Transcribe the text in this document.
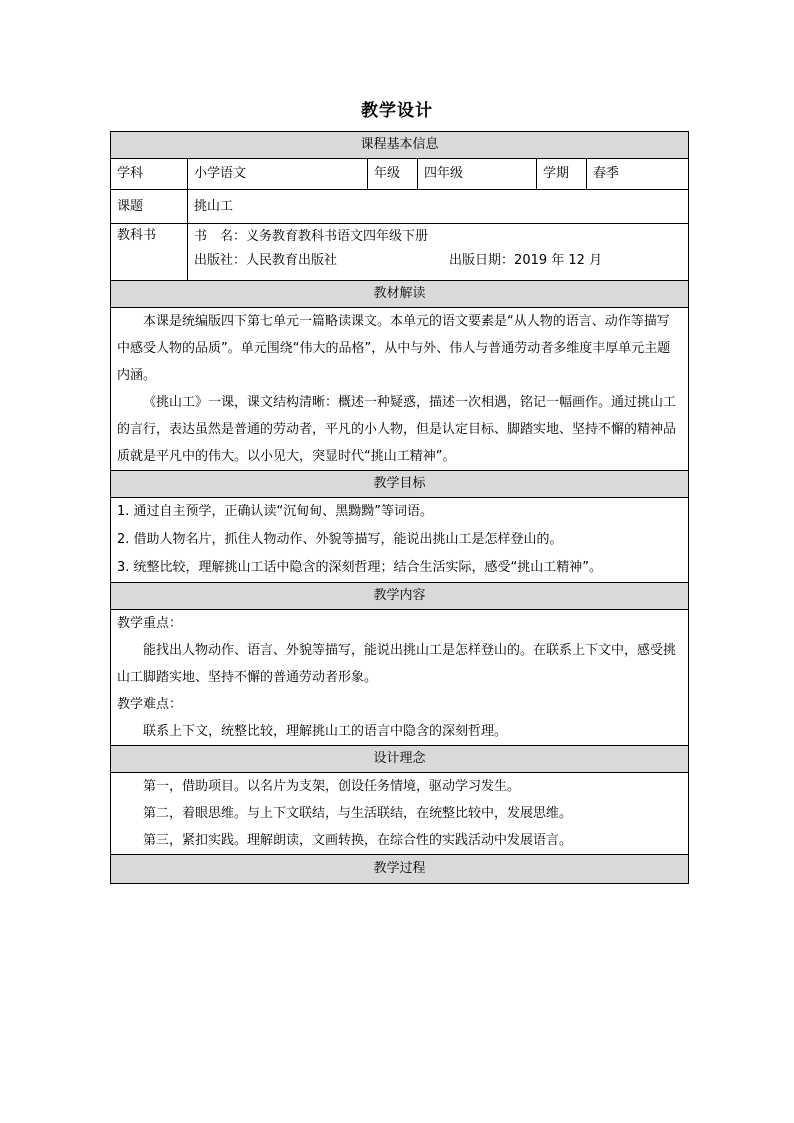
教学设计
课程基本信息					
学科	小学语文	年级	四年级	学期	春季
课题	挑山工				
教科书	书　名：义务教育教科书语文四年级下册
出版社：人民教育出版社 出版日期：2019 年 12 月				

教材解读					

本课是统编版四下第七单元一篇略读课文。本单元的语文要素是“从人物的语言、动作等描写中感受人物的品质”。单元围绕“伟大的品格”，从中与外、伟人与普通劳动者多维度丰厚单元主题内涵。

《挑山工》一课，课文结构清晰：概述一种疑惑，描述一次相遇，铭记一幅画作。通过挑山工的言行，表达虽然是普通的劳动者，平凡的小人物，但是认定目标、脚踏实地、坚持不懈的精神品质就是平凡中的伟大。以小见大，突显时代“挑山工精神”。					

教学目标					

1. 通过自主预学，正确认读“沉甸甸、黑黝黝”等词语。

2. 借助人物名片，抓住人物动作、外貌等描写，能说出挑山工是怎样登山的。

3. 统整比较，理解挑山工话中隐含的深刻哲理；结合生活实际，感受“挑山工精神”。					

教学内容					

教学重点：

能找出人物动作、语言、外貌等描写，能说出挑山工是怎样登山的。在联系上下文中，感受挑山工脚踏实地、坚持不懈的普通劳动者形象。

教学难点：

联系上下文，统整比较，理解挑山工的语言中隐含的深刻哲理。					

设计理念					

第一，借助项目。以名片为支架，创设任务情境，驱动学习发生。

第二，着眼思维。与上下文联结，与生活联结，在统整比较中，发展思维。

第三，紧扣实践。理解朗读，文画转换，在综合性的实践活动中发展语言。					

教学过程					
